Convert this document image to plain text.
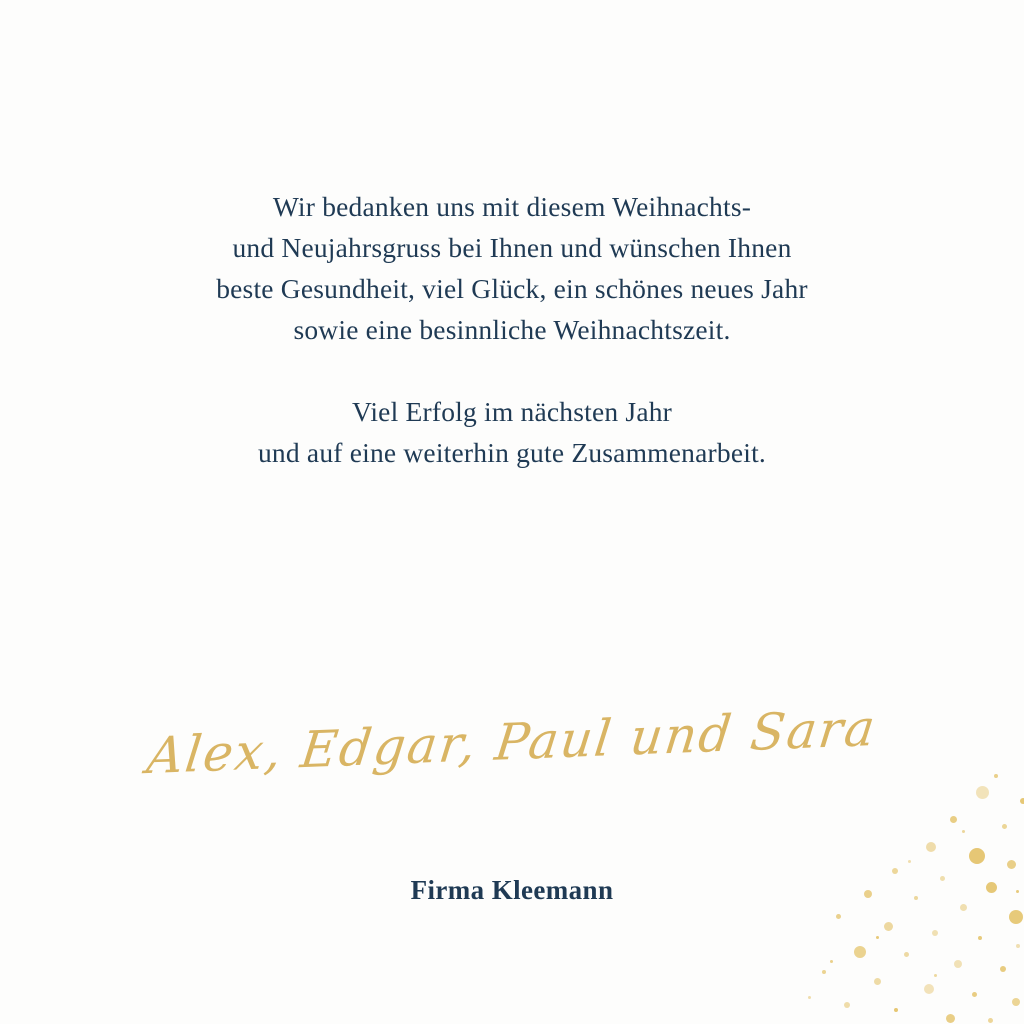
Wir bedanken uns mit diesem Weihnachts-
und Neujahrsgruss bei Ihnen und wünschen Ihnen
beste Gesundheit, viel Glück, ein schönes neues Jahr
sowie eine besinnliche Weihnachtszeit.
Viel Erfolg im nächsten Jahr
und auf eine weiterhin gute Zusammenarbeit.
Alex, Edgar, Paul und Sara
Firma Kleemann
